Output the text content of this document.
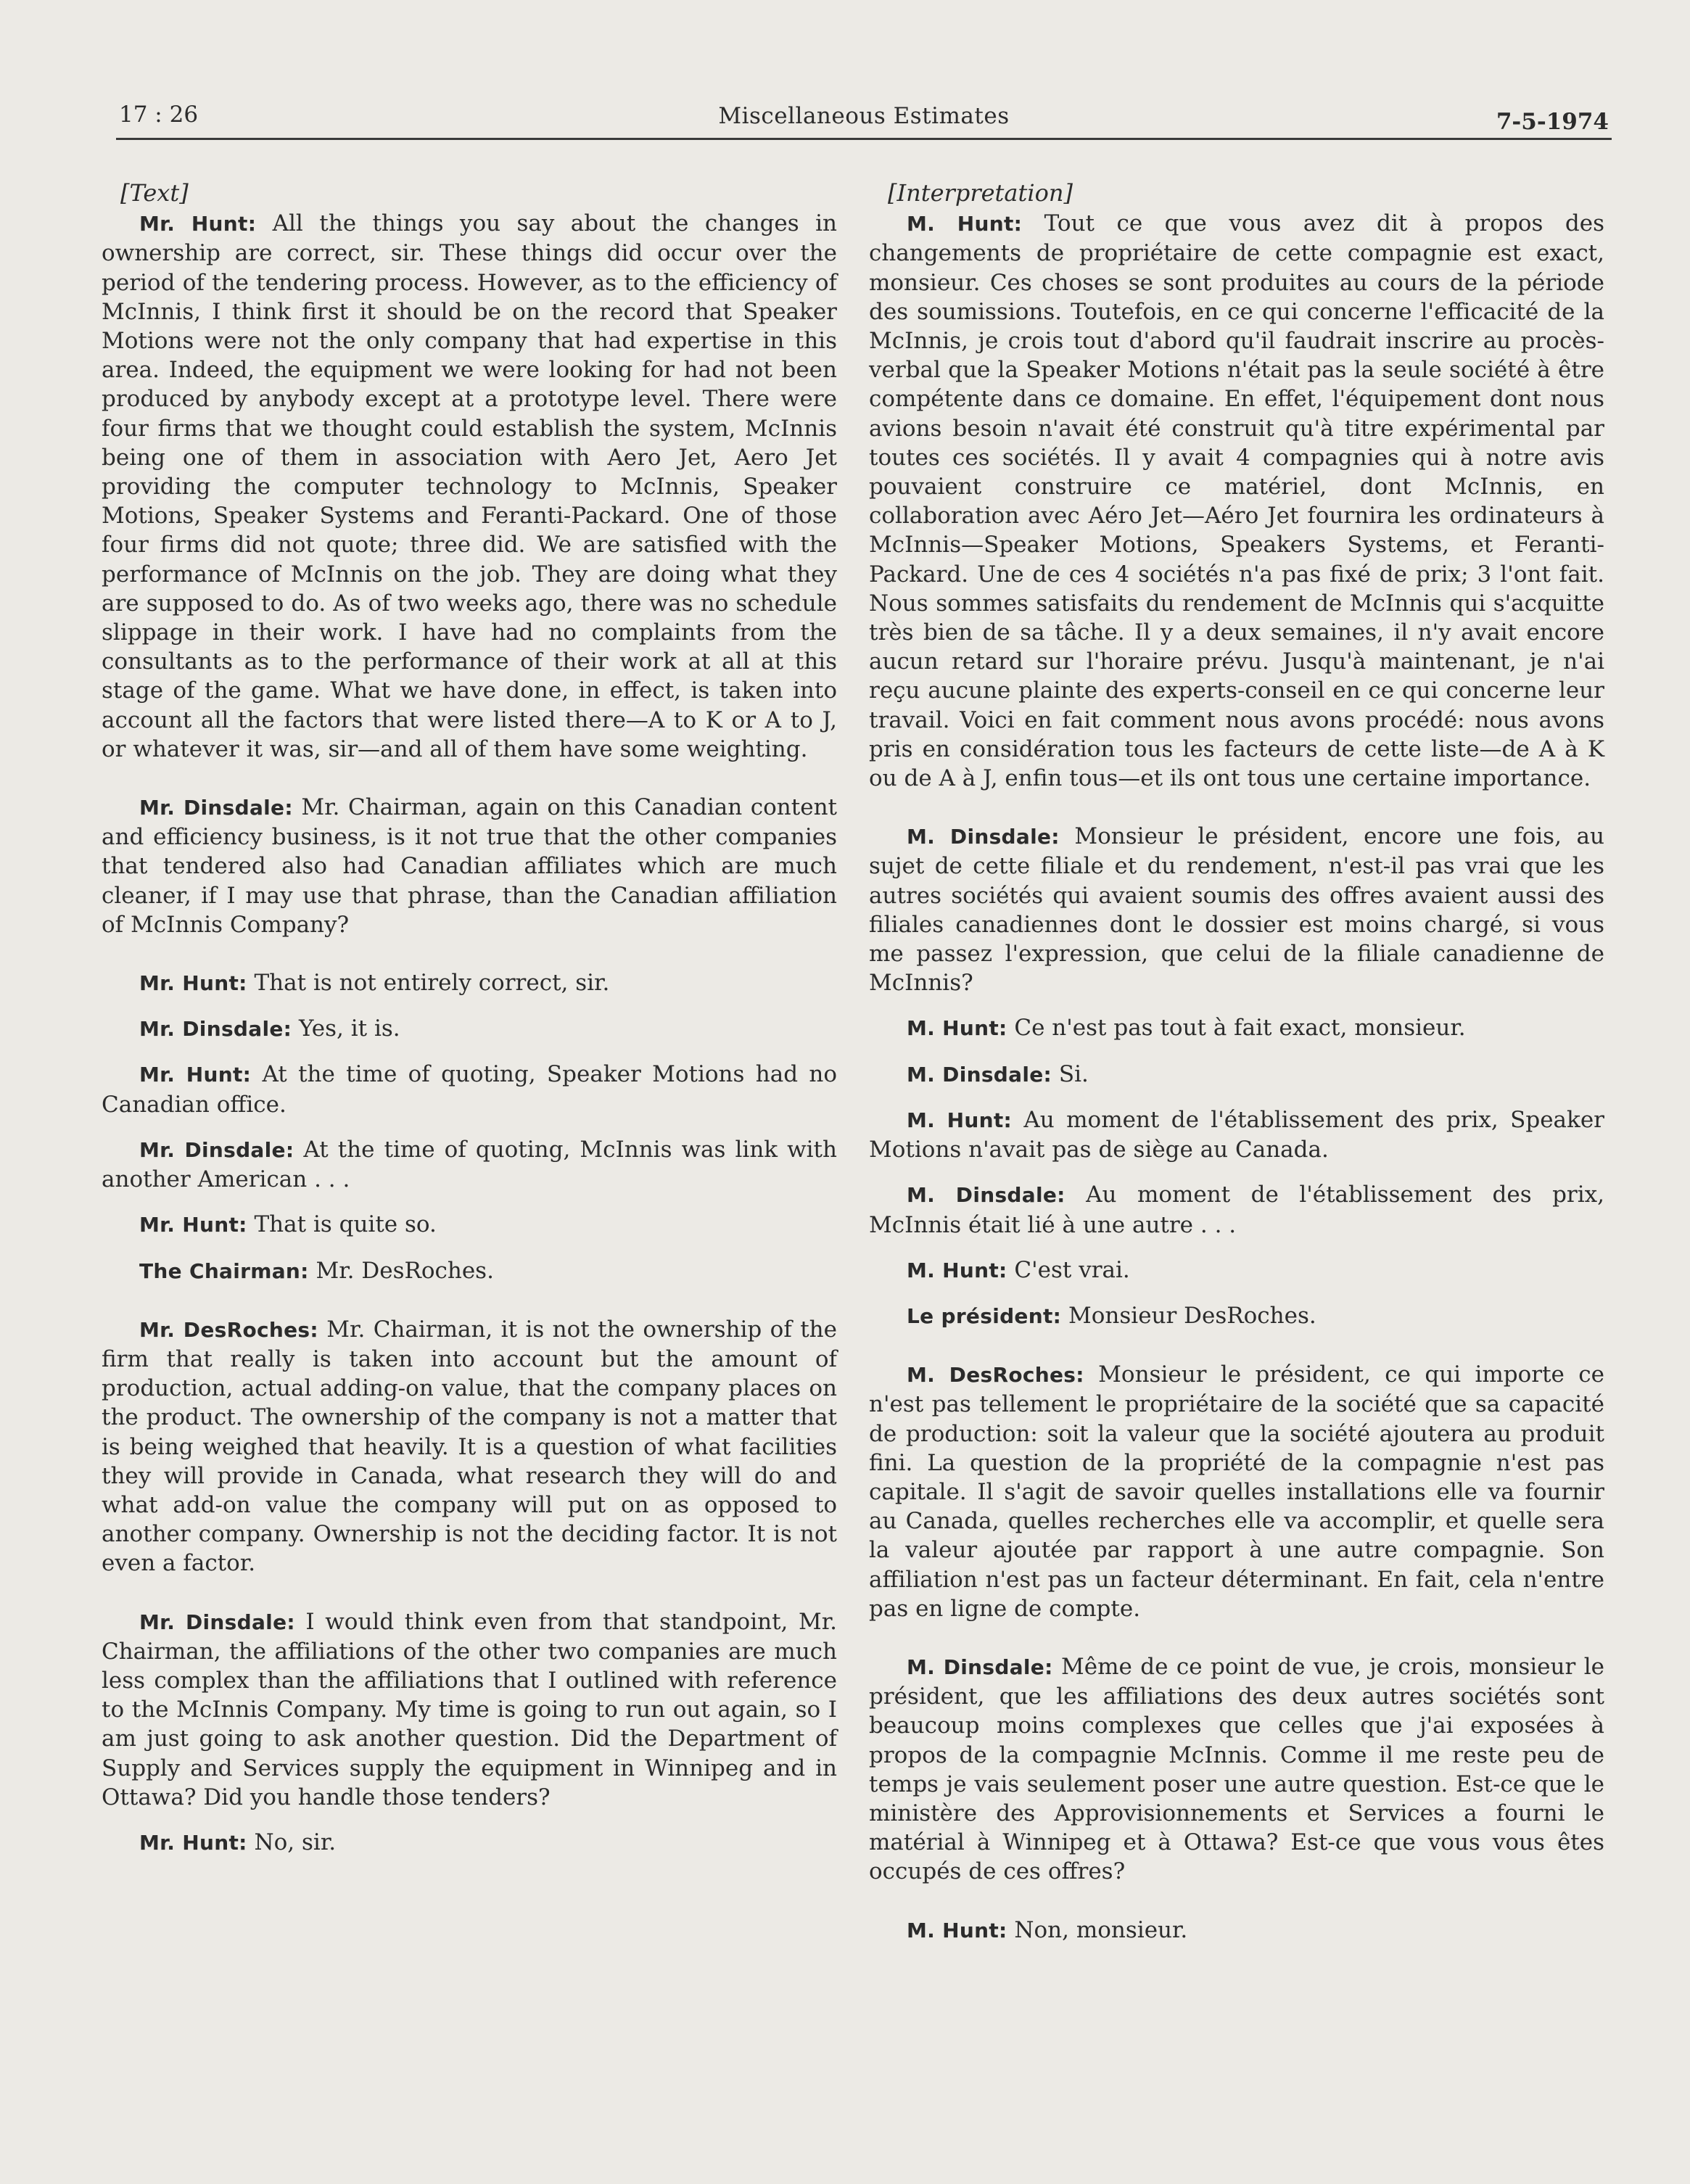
17 : 26	Miscellaneous Estimates	7-5-1974
[Text]

Mr. Hunt: All the things you say about the changes in ownership are correct, sir. These things did occur over the period of the tendering process. However, as to the efficiency of McInnis, I think first it should be on the record that Speaker Motions were not the only company that had expertise in this area. Indeed, the equipment we were looking for had not been produced by anybody except at a prototype level. There were four firms that we thought could establish the system, McInnis being one of them in association with Aero Jet, Aero Jet providing the computer technology to McInnis, Speaker Motions, Speaker Systems and Feranti-Packard. One of those four firms did not quote; three did. We are satisfied with the performance of McInnis on the job. They are doing what they are supposed to do. As of two weeks ago, there was no schedule slippage in their work. I have had no complaints from the consultants as to the performance of their work at all at this stage of the game. What we have done, in effect, is taken into account all the factors that were listed there—A to K or A to J, or whatever it was, sir—and all of them have some weighting.

Mr. Dinsdale: Mr. Chairman, again on this Canadian content and efficiency business, is it not true that the other companies that tendered also had Canadian affiliates which are much cleaner, if I may use that phrase, than the Canadian affiliation of McInnis Company?

Mr. Hunt: That is not entirely correct, sir.

Mr. Dinsdale: Yes, it is.

Mr. Hunt: At the time of quoting, Speaker Motions had no Canadian office.

Mr. Dinsdale: At the time of quoting, McInnis was link with another American . . .

Mr. Hunt: That is quite so.

The Chairman: Mr. DesRoches.

Mr. DesRoches: Mr. Chairman, it is not the ownership of the firm that really is taken into account but the amount of production, actual adding-on value, that the company places on the product. The ownership of the company is not a matter that is being weighed that heavily. It is a question of what facilities they will provide in Canada, what research they will do and what add-on value the company will put on as opposed to another company. Ownership is not the deciding factor. It is not even a factor.

Mr. Dinsdale: I would think even from that standpoint, Mr. Chairman, the affiliations of the other two companies are much less complex than the affiliations that I outlined with reference to the McInnis Company. My time is going to run out again, so I am just going to ask another question. Did the Department of Supply and Services supply the equipment in Winnipeg and in Ottawa? Did you handle those tenders?

Mr. Hunt: No, sir.

[Interpretation]

M. Hunt: Tout ce que vous avez dit à propos des changements de propriétaire de cette compagnie est exact, monsieur. Ces choses se sont produites au cours de la période des soumissions. Toutefois, en ce qui concerne l'efficacité de la McInnis, je crois tout d'abord qu'il faudrait inscrire au procès-verbal que la Speaker Motions n'était pas la seule société à être compétente dans ce domaine. En effet, l'équipement dont nous avions besoin n'avait été construit qu'à titre expérimental par toutes ces sociétés. Il y avait 4 compagnies qui à notre avis pouvaient construire ce matériel, dont McInnis, en collaboration avec Aéro Jet—Aéro Jet fournira les ordinateurs à McInnis—Speaker Motions, Speakers Systems, et Feranti-Packard. Une de ces 4 sociétés n'a pas fixé de prix; 3 l'ont fait. Nous sommes satisfaits du rendement de McInnis qui s'acquitte très bien de sa tâche. Il y a deux semaines, il n'y avait encore aucun retard sur l'horaire prévu. Jusqu'à maintenant, je n'ai reçu aucune plainte des experts-conseil en ce qui concerne leur travail. Voici en fait comment nous avons procédé: nous avons pris en considération tous les facteurs de cette liste—de A à K ou de A à J, enfin tous—et ils ont tous une certaine importance.

M. Dinsdale: Monsieur le président, encore une fois, au sujet de cette filiale et du rendement, n'est-il pas vrai que les autres sociétés qui avaient soumis des offres avaient aussi des filiales canadiennes dont le dossier est moins chargé, si vous me passez l'expression, que celui de la filiale canadienne de McInnis?

M. Hunt: Ce n'est pas tout à fait exact, monsieur.

M. Dinsdale: Si.

M. Hunt: Au moment de l'établissement des prix, Speaker Motions n'avait pas de siège au Canada.

M. Dinsdale: Au moment de l'établissement des prix, McInnis était lié à une autre . . .

M. Hunt: C'est vrai.

Le président: Monsieur DesRoches.

M. DesRoches: Monsieur le président, ce qui importe ce n'est pas tellement le propriétaire de la société que sa capacité de production: soit la valeur que la société ajoutera au produit fini. La question de la propriété de la compagnie n'est pas capitale. Il s'agit de savoir quelles installations elle va fournir au Canada, quelles recherches elle va accomplir, et quelle sera la valeur ajoutée par rapport à une autre compagnie. Son affiliation n'est pas un facteur déterminant. En fait, cela n'entre pas en ligne de compte.

M. Dinsdale: Même de ce point de vue, je crois, monsieur le président, que les affiliations des deux autres sociétés sont beaucoup moins complexes que celles que j'ai exposées à propos de la compagnie McInnis. Comme il me reste peu de temps je vais seulement poser une autre question. Est-ce que le ministère des Approvisionnements et Services a fourni le matérial à Winnipeg et à Ottawa? Est-ce que vous vous êtes occupés de ces offres?

M. Hunt: Non, monsieur.
